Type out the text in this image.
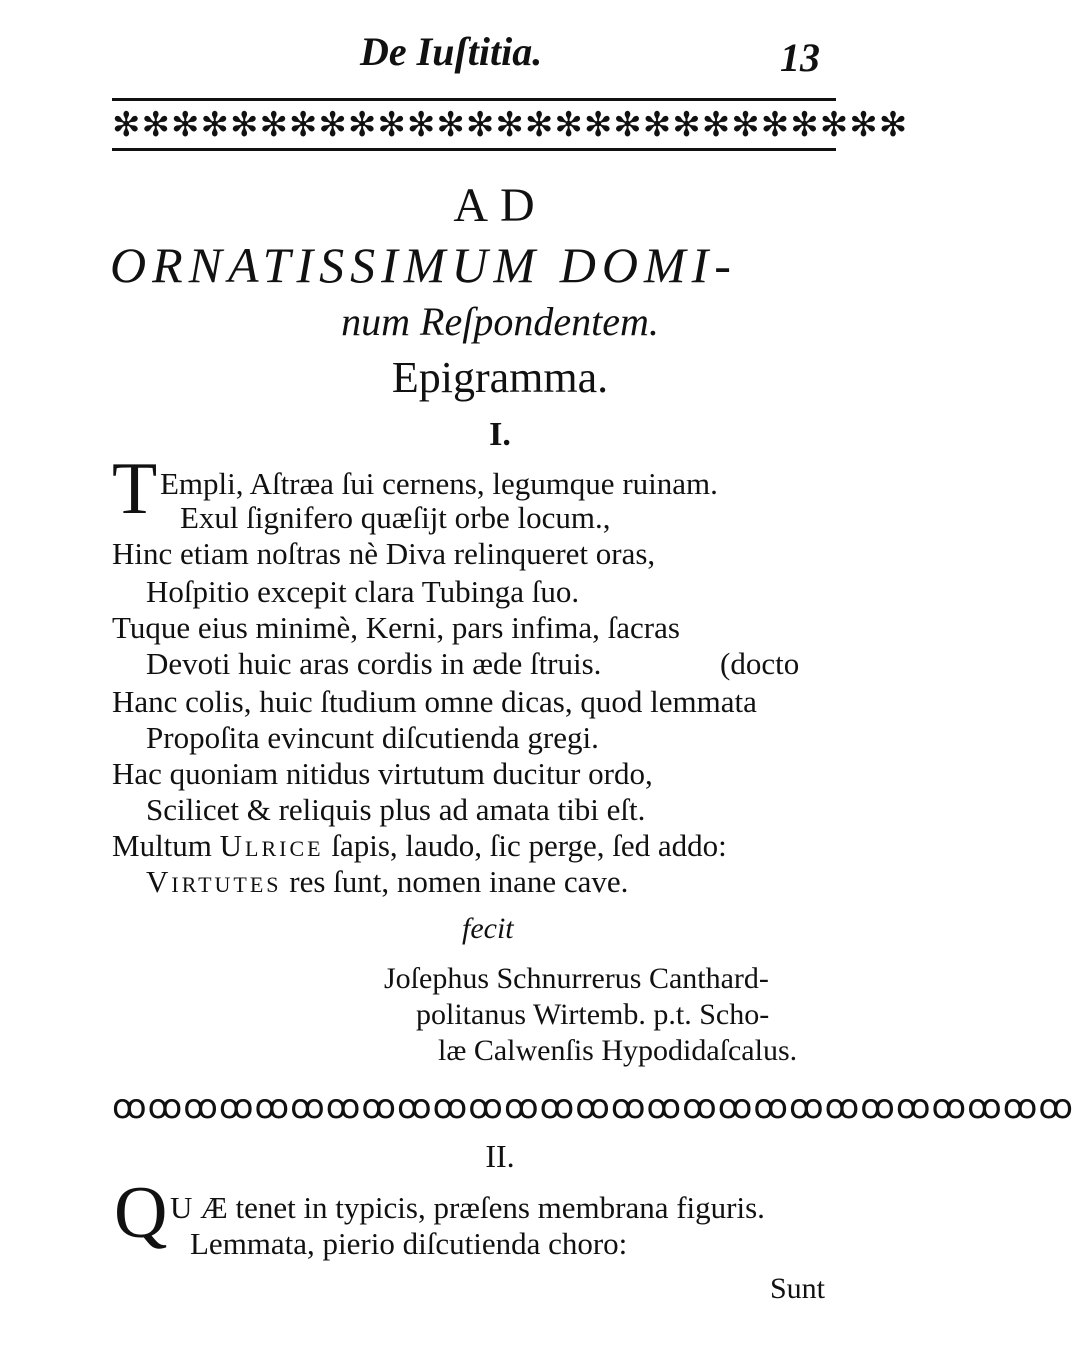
De Iuſtitia.	13
✻✻✻✻✻✻✻✻✻✻✻✻✻✻✻✻✻✻✻✻✻✻✻✻✻✻✻
AD
ORNATISSIMUM DOMI-
num Reſpondentem.
Epigramma.
I.
T Empli, Aſtræa ſui cernens, legumque ruinam.
Exul ſignifero quæſijt orbe locum.,
Hinc etiam noſtras nè Diva relinqueret oras,
Hoſpitio excepit clara Tubinga ſuo.
Tuque eius minimè, Kerni, pars infima, ſacras
Devoti huic aras cordis in æde ſtruis.	(docto
Hanc colis, huic ſtudium omne dicas, quod lemmata
Propoſita evincunt diſcutienda gregi.
Hac quoniam nitidus virtutum ducitur ordo,
Scilicet & reliquis plus ad amata tibi eſt.
Multum Ulrice ſapis, laudo, ſic perge, ſed addo:
Virtutes res ſunt, nomen inane cave.
fecit
Joſephus Schnurrerus Canthard-
politanus Wirtemb. p.t. Scho-
læ Calwenſis Hypodidaſcalus.
ꝏꝏꝏꝏꝏꝏꝏꝏꝏꝏꝏꝏꝏꝏꝏꝏꝏꝏꝏꝏꝏꝏꝏꝏꝏꝏꝏ
II.
Q U Æ tenet in typicis, præſens membrana figuris.
Lemmata, pierio diſcutienda choro:
Sunt
